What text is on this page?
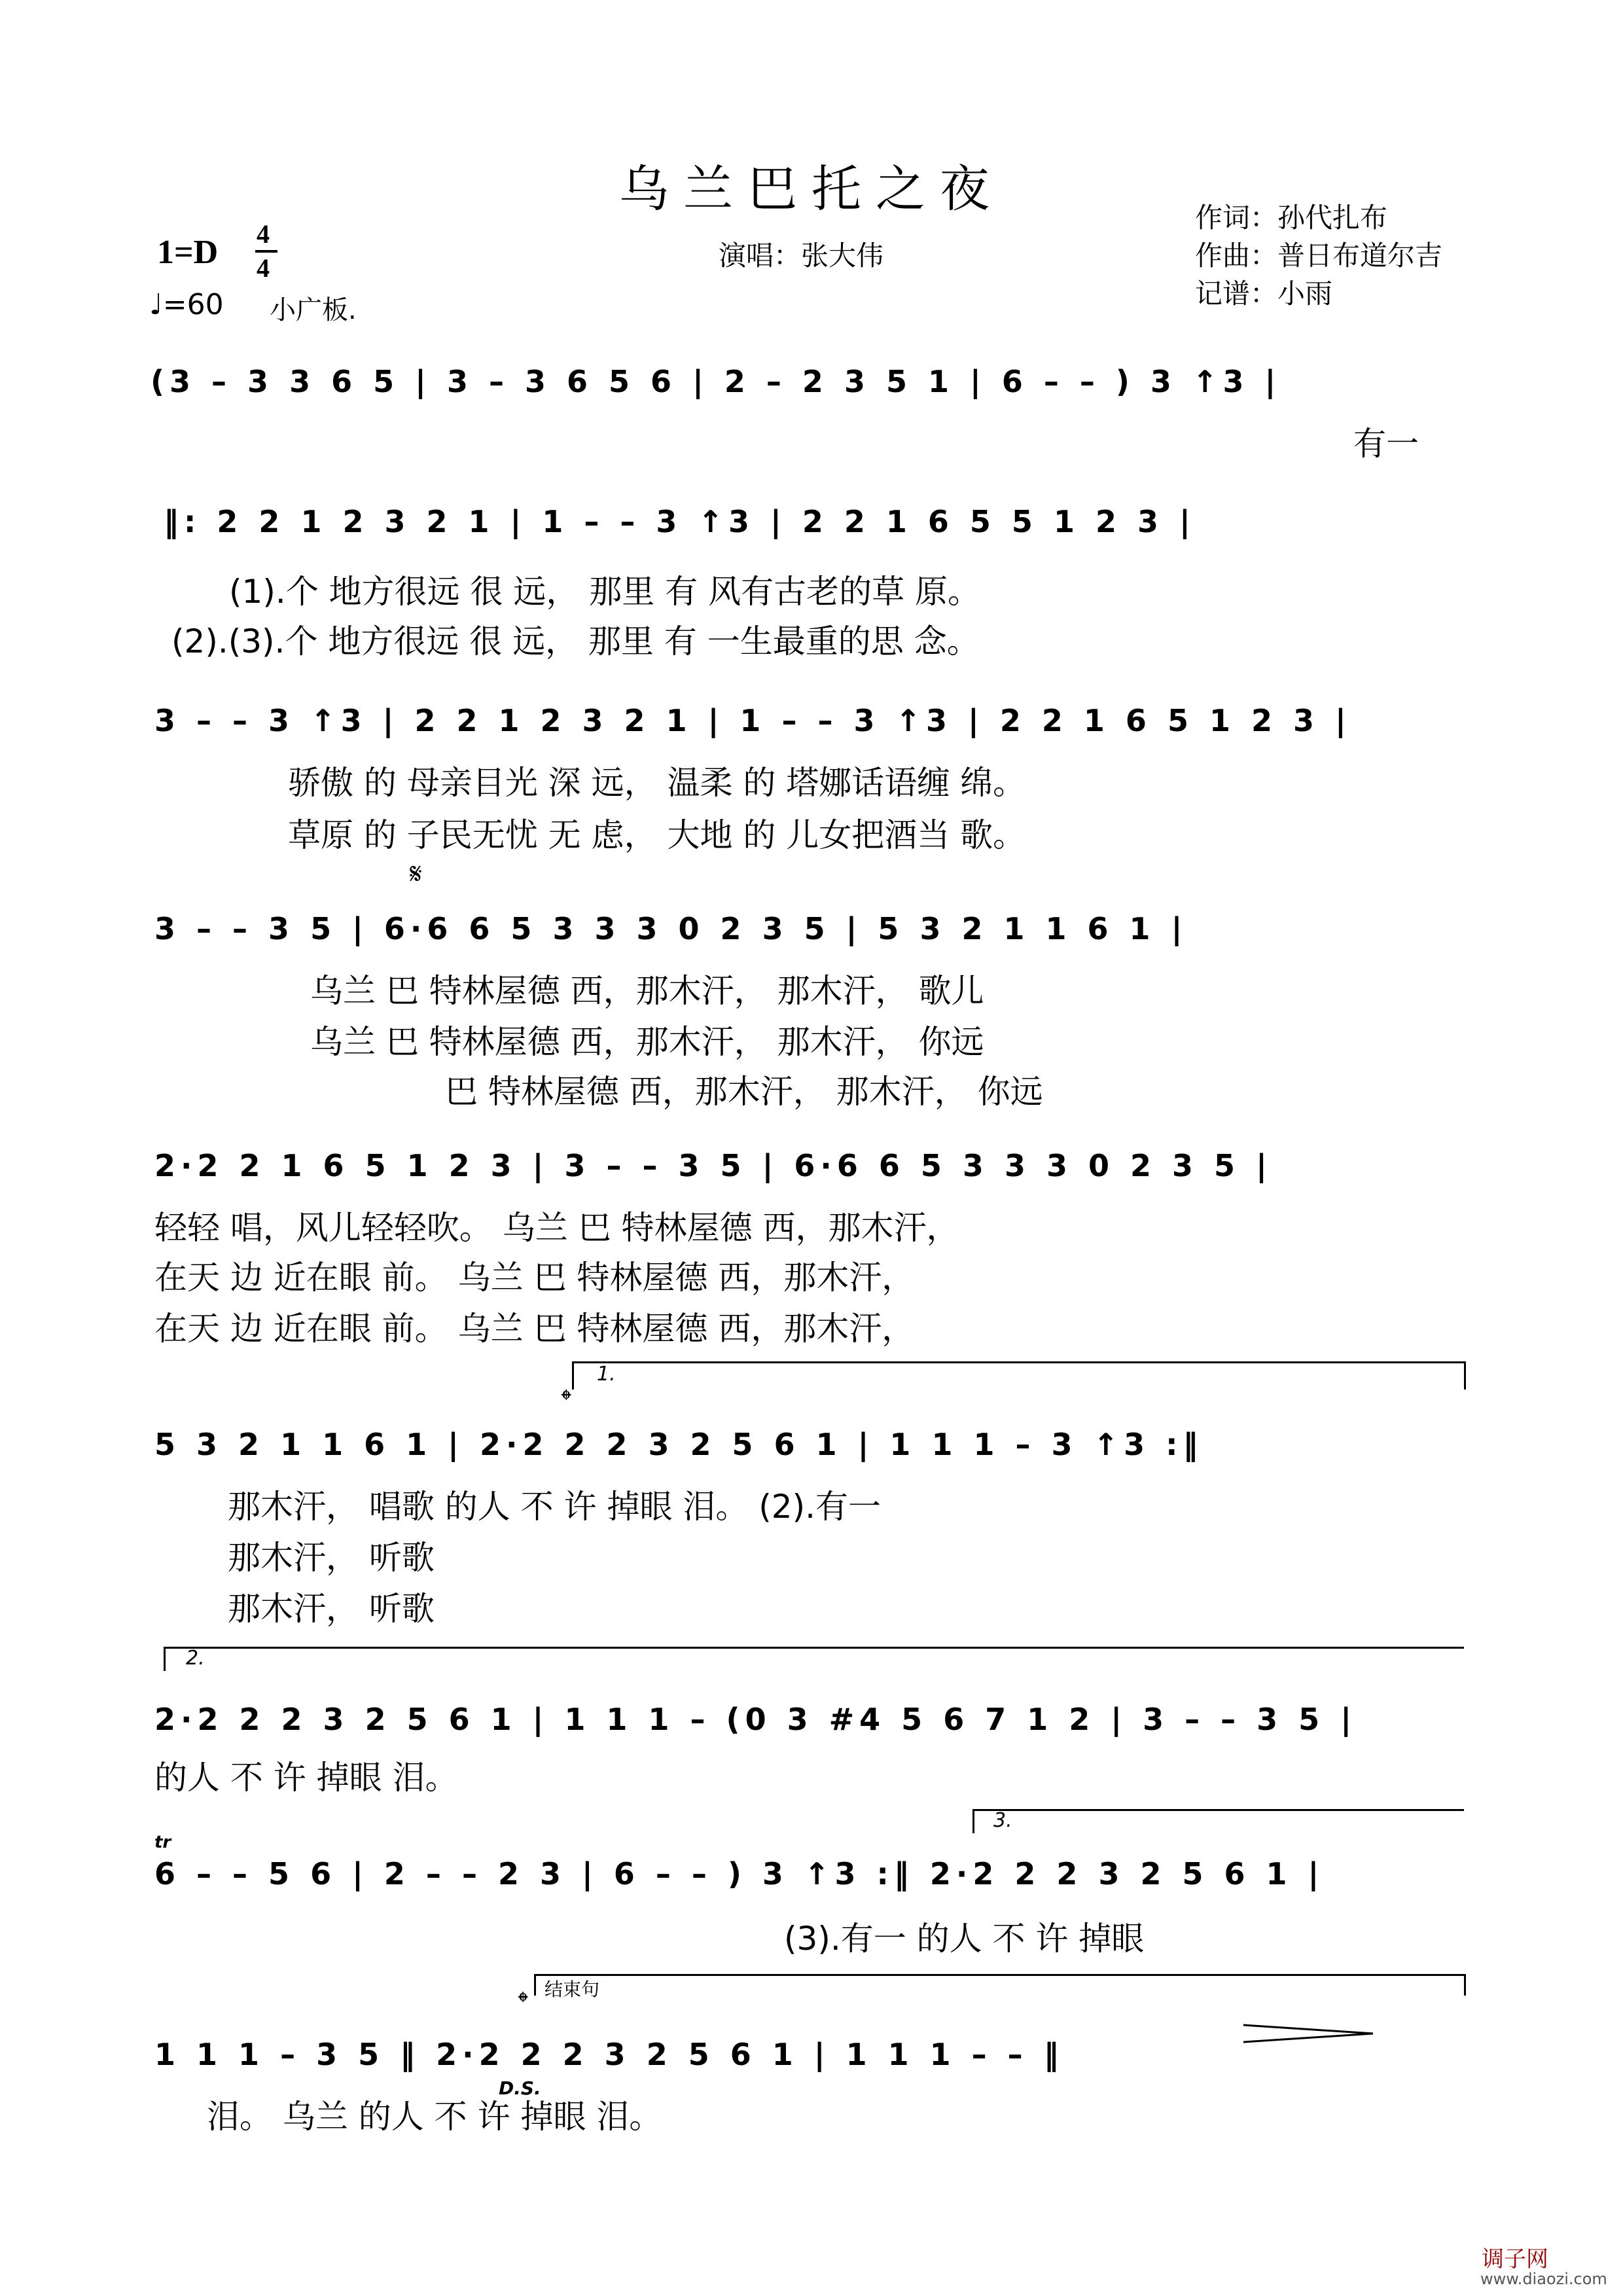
乌兰巴托之夜	作词：孙代扎布
作曲：普日布道尔吉
记谱：小雨
演唱：张大伟
1=D 4
4
♩=60 小广板.
(3 – 3 3 6 5 | 3 – 3 6 5 6 | 2 – 2 3 5 1 | 6 – – ) 3 ↑3 |
有一
‖: 2 2 1 2 3 2 1 | 1 – – 3 ↑3 | 2 2 1 6 5 5 1 2 3 |
(1).个 地方很远 很 远， 那里 有 风有古老的草 原。
(2).(3).个 地方很远 很 远， 那里 有 一生最重的思 念。
3 – – 3 ↑3 | 2 2 1 2 3 2 1 | 1 – – 3 ↑3 | 2 2 1 6 5 1 2 3 |
骄傲 的 母亲目光 深 远， 温柔 的 塔娜话语缠 绵。
草原 的 子民无忧 无 虑， 大地 的 儿女把酒当 歌。
𝄋
3 – – 3 5 | 6·6 6 5 3 3 3 0 2 3 5 | 5 3 2 1 1 6 1 |
乌兰 巴 特林屋德 西，那木汗， 那木汗， 歌儿
乌兰 巴 特林屋德 西，那木汗， 那木汗， 你远
巴 特林屋德 西，那木汗， 那木汗， 你远
2·2 2 1 6 5 1 2 3 | 3 – – 3 5 | 6·6 6 5 3 3 3 0 2 3 5 |
轻轻 唱，风儿轻轻吹。 乌兰 巴 特林屋德 西，那木汗，
在天 边 近在眼 前。 乌兰 巴 特林屋德 西，那木汗，
在天 边 近在眼 前。 乌兰 巴 特林屋德 西，那木汗，
1.
𝄌
5 3 2 1 1 6 1 | 2·2 2 2 3 2 5 6 1 | 1 1 1 – 3 ↑3 :‖
那木汗， 唱歌 的人 不 许 掉眼 泪。 (2).有一
那木汗， 听歌
那木汗， 听歌
2.
2·2 2 2 3 2 5 6 1 | 1 1 1 – (0 3 #4 5 6 7 1 2 | 3 – – 3 5 |
的人 不 许 掉眼 泪。
3.
tr
6 – – 5 6 | 2 – – 2 3 | 6 – – ) 3 ↑3 :‖ 2·2 2 2 3 2 5 6 1 |
(3).有一 的人 不 许 掉眼
结束句
𝄌
1 1 1 – 3 5 ‖ 2·2 2 2 3 2 5 6 1 | 1 1 1 – – ‖
D.S.
泪。 乌兰 的人 不 许 掉眼 泪。
调子网
www.diaozi.com
